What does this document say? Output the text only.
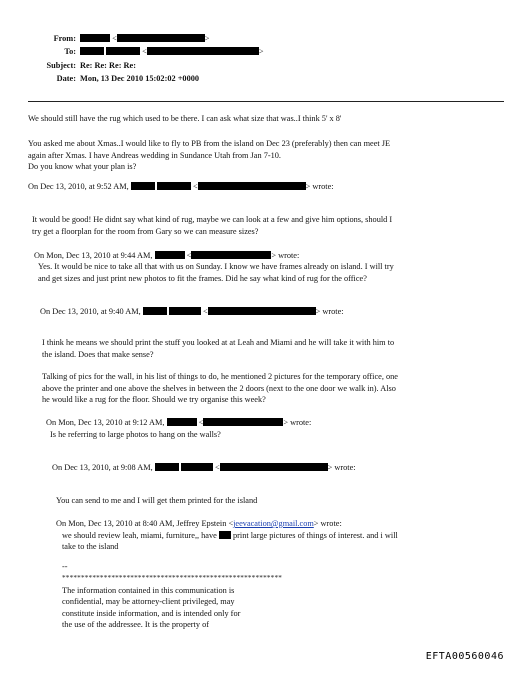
From:	<	>
To:	<	>
Subject: Re: Re: Re: Re:
Date: Mon, 13 Dec 2010 15:02:02 +0000
We should still have the rug which used to be there. I can ask what size that was..I think 5' x 8'
You asked me about Xmas..I would like to fly to PB from the island on Dec 23 (preferably) then can meet JE
again after Xmas. I have Andreas wedding in Sundance Utah from Jan 7-10.
Do you know what your plan is?
On Dec 13, 2010, at 9:52 AM,	<	> wrote:
It would be good! He didnt say what kind of rug, maybe we can look at a few and give him options, should I
try get a floorplan for the room from Gary so we can measure sizes?
On Mon, Dec 13, 2010 at 9:44 AM,	<	> wrote:
Yes. It would be nice to take all that with us on Sunday. I know we have frames already on island. I will try
and get sizes and just print new photos to fit the frames. Did he say what kind of rug for the office?
On Dec 13, 2010, at 9:40 AM,	<	> wrote:
I think he means we should print the stuff you looked at at Leah and Miami and he will take it with him to
the island. Does that make sense?
Talking of pics for the wall, in his list of things to do, he mentioned 2 pictures for the temporary office, one
above the printer and one above the shelves in between the 2 doors (next to the one door we walk in). Also
he would like a rug for the floor. Should we try organise this week?
On Mon, Dec 13, 2010 at 9:12 AM,	<	> wrote:
Is he referring to large photos to hang on the walls?
On Dec 13, 2010, at 9:08 AM,	<	> wrote:
You can send to me and I will get them printed for the island
On Mon, Dec 13, 2010 at 8:40 AM, Jeffrey Epstein <jeevacation@gmail.com> wrote:
we should review leah, miami, furniture,, have print large pictures of things of interest. and i will
take to the island
--
**********************************************************
The information contained in this communication is
confidential, may be attorney-client privileged, may
constitute inside information, and is intended only for
the use of the addressee. It is the property of
EFTA00560046
